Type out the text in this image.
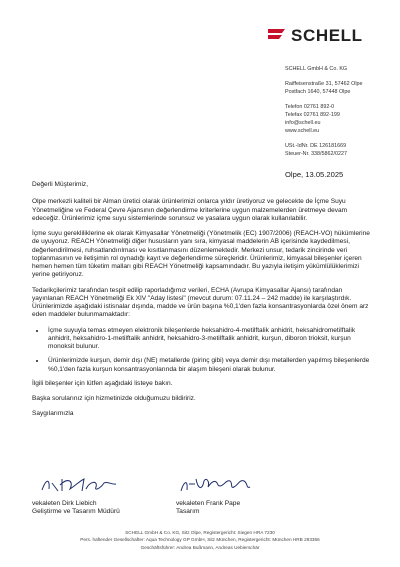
SCHELL
SCHELL GmbH & Co. KG
Raiffeisenstraße 31, 57462 Olpe
Postfach 1640, 57448 Olpe
Telefon 02761 892-0
Telefax 02761 892-199
info@schell.eu
www.schell.eu
USt.-IdNr. DE 126181669
Steuer-Nr. 338/5862/0227
Olpe, 13.05.2025

Değerli Müşterimiz,

Olpe merkezli kaliteli bir Alman üretici olarak ürünlerimizi onlarca yıldır üretiyoruz ve gelecekte de İçme Suyu Yönetmeliğine ve Federal Çevre Ajansının değerlendirme kriterlerine uygun malzemelerden üretmeye devam edeceğiz. Ürünlerimiz içme suyu sistemlerinde sorunsuz ve yasalara uygun olarak kullanılabilir.

İçme suyu gerekliliklerine ek olarak Kimyasallar Yönetmeliği (Yönetmelik (EC) 1907/2006) (REACH-VO) hükümlerine de uyuyoruz. REACH Yönetmeliği diğer hususların yanı sıra, kimyasal maddelerin AB içerisinde kaydedilmesi, değerlendirilmesi, ruhsatlandırılması ve kısıtlanmasını düzenlemektedir. Merkezi unsur, tedarik zincirinde veri toplanmasının ve iletişimin rol oynadığı kayıt ve değerlendirme süreçleridir. Ürünlerimiz, kimyasal bileşenler içeren hemen hemen tüm tüketim malları gibi REACH Yönetmeliği kapsamındadır. Bu yazıyla iletişim yükümlülüklerimizi yerine getiriyoruz.

Tedarikçilerimiz tarafından tespit edilip raporladığımız verileri, ECHA (Avrupa Kimyasallar Ajansı) tarafından yayınlanan REACH Yönetmeliği Ek XIV "Aday listesi" (mevcut durum: 07.11.24 – 242 madde) ile karşılaştırdık. Ürünlerimizde aşağıdaki istisnalar dışında, madde ve ürün başına %0,1'den fazla konsantrasyonlarda özel önem arz eden maddeler bulunmamaktadır:

• İçme suyuyla temas etmeyen elektronik bileşenlerde heksahidro-4-metilftalik anhidrit, heksahidrometilftalik anhidrit, heksahidro-1-metilftalik anhidrit, heksahidro-3-metilftalik anhidrit, kurşun, diboron trioksit, kurşun monoksit bulunur.
• Ürünlerimizde kurşun, demir dışı (NE) metallerde (pirinç gibi) veya demir dışı metallerden yapılmış bileşenlerde %0,1'den fazla kurşun konsantrasyonlarında bir alaşım bileşeni olarak bulunur.

İlgili bileşenler için lütfen aşağıdaki listeye bakın.

Başka sorularınız için hizmetinizde olduğumuzu bildiririz.

Saygılarımızla

vekaleten Dirk Liebich
Geliştirme ve Tasarım Müdürü
vekaleten Frank Pape
Tasarım
SCHELL GmbH & Co. KG, Sitz Olpe, Registergericht: Siegen HRA 7230
Pers. haftender Gesellschafter: Aqua Technology GP GmbH, Sitz München, Registergericht: München HRB 293366
Geschäftsführer: Andrea Bußmann, Andreas Uebierschär
